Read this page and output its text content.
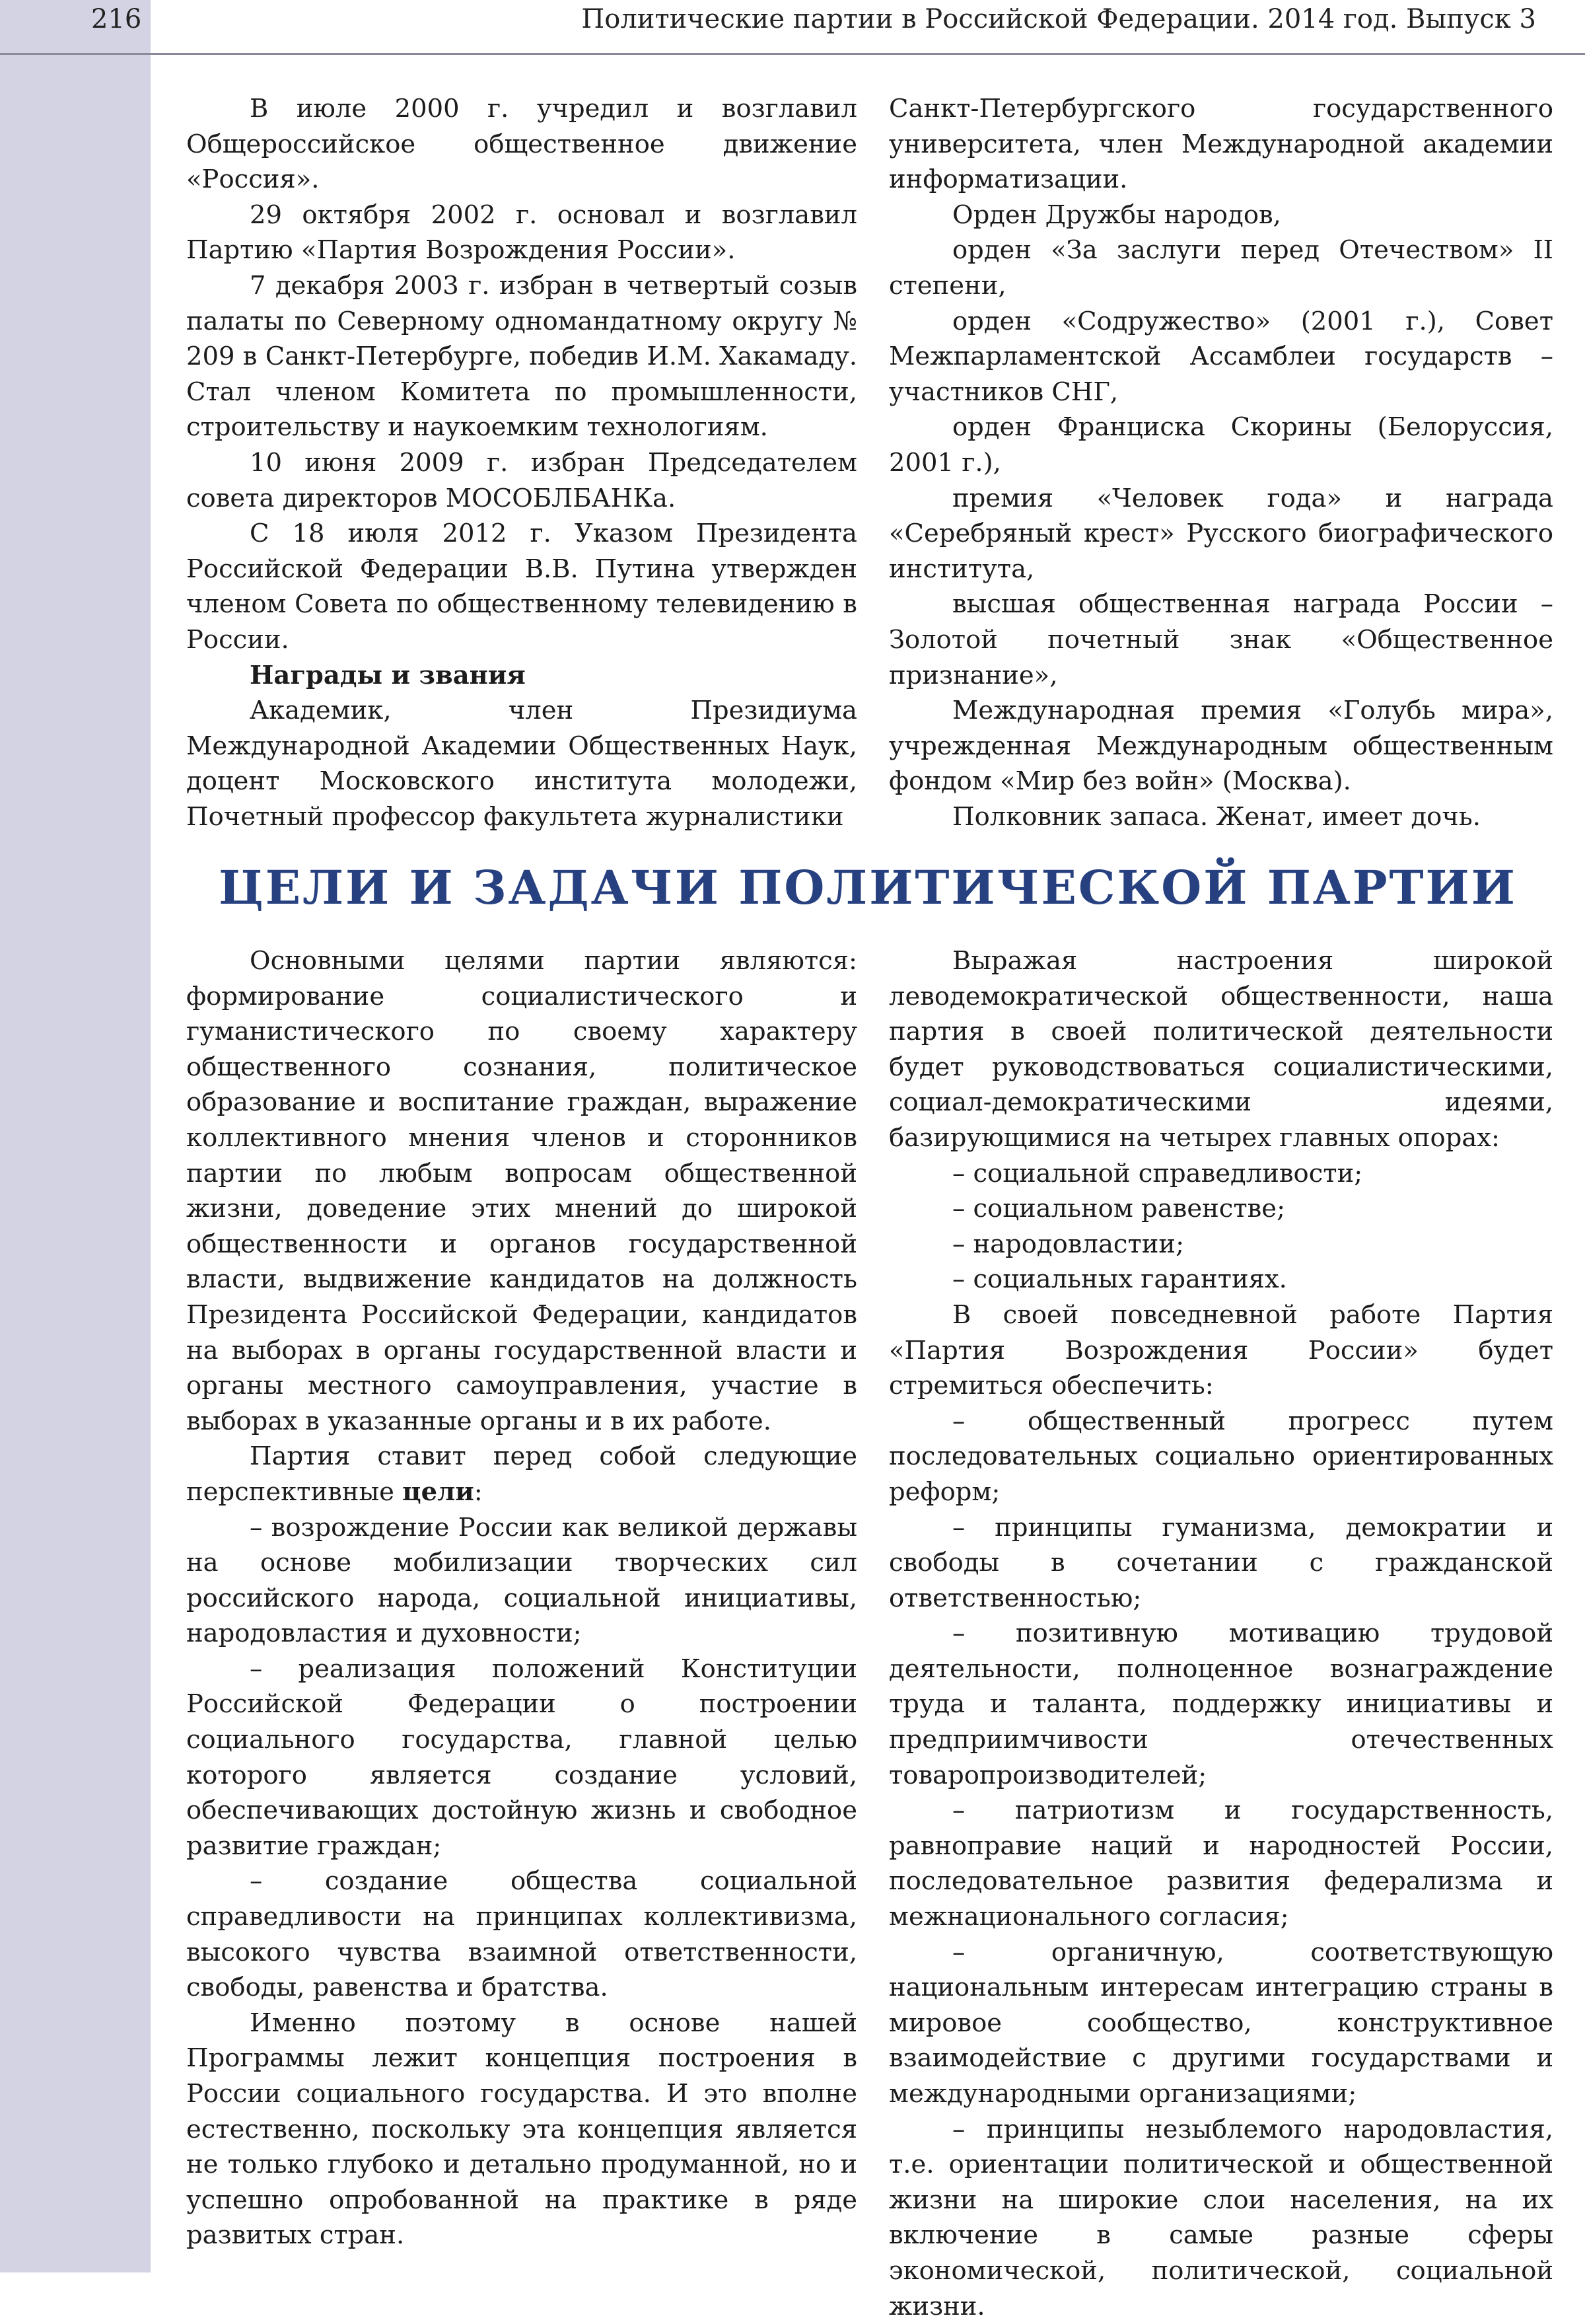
216	Политические партии в Российской Федерации. 2014 год. Выпуск 3

В июле 2000 г. учредил и возглавил Общероссийское общественное движение «Россия».

29 октября 2002 г. основал и возглавил Партию «Партия Возрождения России».

7 декабря 2003 г. избран в четвертый созыв палаты по Северному одномандатному округу № 209 в Санкт-Петербурге, победив И.М. Хакамаду. Стал членом Комитета по промышленности, строительству и наукоемким технологиям.

10 июня 2009 г. избран Председателем совета директоров МОСОБЛБАНКа.

С 18 июля 2012 г. Указом Президента Российской Федерации В.В. Путина утвержден членом Совета по общественному телевидению в России.

Награды и звания

Академик, член Президиума Международной Академии Общественных Наук, доцент Московского института молодежи, Почетный профессор факультета журналистики

Санкт-Петербургского государственного университета, член Международной академии информатизации.

Орден Дружбы народов,

орден «За заслуги перед Отечеством» II степени,

орден «Содружество» (2001 г.), Совет Межпарламентской Ассамблеи государств – участников СНГ,

орден Франциска Скорины (Белоруссия, 2001 г.),

премия «Человек года» и награда «Серебряный крест» Русского биографического института,

высшая общественная награда России – Золотой почетный знак «Общественное признание»,

Международная премия «Голубь мира», учрежденная Международным общественным фондом «Мир без войн» (Москва).

Полковник запаса. Женат, имеет дочь.

ЦЕЛИ И ЗАДАЧИ ПОЛИТИЧЕСКОЙ ПАРТИИ

Основными целями партии являются: формирование социалистического и гуманистического по своему характеру общественного сознания, политическое образование и воспитание граждан, выражение коллективного мнения членов и сторонников партии по любым вопросам общественной жизни, доведение этих мнений до широкой общественности и органов государственной власти, выдвижение кандидатов на должность Президента Российской Федерации, кандидатов на выборах в органы государственной власти и органы местного самоуправления, участие в выборах в указанные органы и в их работе.

Партия ставит перед собой следующие перспективные цели:

– возрождение России как великой державы на основе мобилизации творческих сил российского народа, социальной инициативы, народовластия и духовности;

– реализация положений Конституции Российской Федерации о построении социального государства, главной целью которого является создание условий, обеспечивающих достойную жизнь и свободное развитие граждан;

– создание общества социальной справедливости на принципах коллективизма, высокого чувства взаимной ответственности, свободы, равенства и братства.

Именно поэтому в основе нашей Программы лежит концепция построения в России социального государства. И это вполне естественно, поскольку эта концепция является не только глубоко и детально продуманной, но и успешно опробованной на практике в ряде развитых стран.

Выражая настроения широкой леводемократической общественности, наша партия в своей политической деятельности будет руководствоваться социалистическими, социал-демократическими идеями, базирующимися на четырех главных опорах:

– социальной справедливости;

– социальном равенстве;

– народовластии;

– социальных гарантиях.

В своей повседневной работе Партия «Партия Возрождения России» будет стремиться обеспечить:

– общественный прогресс путем последовательных социально ориентированных реформ;

– принципы гуманизма, демократии и свободы в сочетании с гражданской ответственностью;

– позитивную мотивацию трудовой деятельности, полноценное вознаграждение труда и таланта, поддержку инициативы и предприимчивости отечественных товаропроизводителей;

– патриотизм и государственность, равноправие наций и народностей России, последовательное развития федерализма и межнационального согласия;

– органичную, соответствующую национальным интересам интеграцию страны в мировое сообщество, конструктивное взаимодействие с другими государствами и международными организациями;

– принципы незыблемого народовластия, т.е. ориентации политической и общественной жизни на широкие слои населения, на их включение в самые разные сферы экономической, политической, социальной жизни.
